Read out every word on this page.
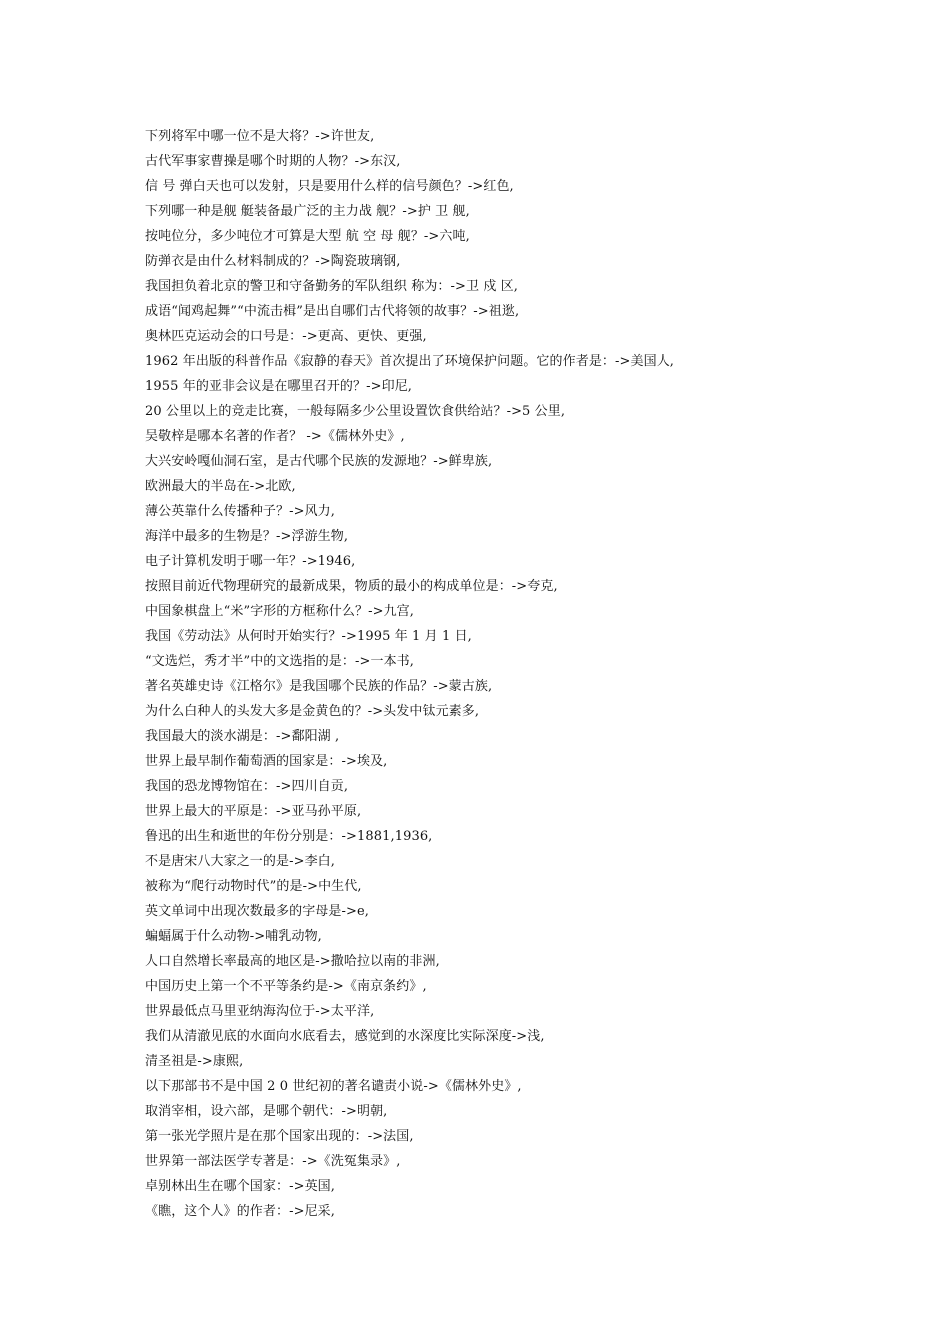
下列将军中哪一位不是大将？->许世友,
古代军事家曹操是哪个时期的人物？->东汉,
信 号 弹白天也可以发射，只是要用什么样的信号颜色？->红色,
下列哪一种是舰 艇装备最广泛的主力战 舰？->护 卫 舰,
按吨位分，多少吨位才可算是大型 航 空 母 舰？->六吨,
防弹衣是由什么材料制成的？->陶瓷玻璃钢,
我国担负着北京的警卫和守备勤务的军队组织 称为：->卫 戍 区,
成语“闻鸡起舞”“中流击楫”是出自哪们古代将领的故事？->祖逖,
奥林匹克运动会的口号是：->更高、更快、更强,
1962 年出版的科普作品《寂静的春天》首次提出了环境保护问题。它的作者是：->美国人,
1955 年的亚非会议是在哪里召开的？->印尼,
20 公里以上的竞走比赛，一般每隔多少公里设置饮食供给站？->5 公里,
吴敬梓是哪本名著的作者？ ->《儒林外史》,
大兴安岭嘎仙洞石室，是古代哪个民族的发源地？->鲜卑族,
欧洲最大的半岛在->北欧,
薄公英靠什么传播种子？->风力,
海洋中最多的生物是？->浮游生物,
电子计算机发明于哪一年？->1946,
按照目前近代物理研究的最新成果，物质的最小的构成单位是：->夸克,
中国象棋盘上“米”字形的方框称什么？->九宫,
我国《劳动法》从何时开始实行？->1995 年 1 月 1 日,
“文选烂，秀才半”中的文选指的是：->一本书,
著名英雄史诗《江格尔》是我国哪个民族的作品？->蒙古族,
为什么白种人的头发大多是金黄色的？->头发中钛元素多,
我国最大的淡水湖是：->鄱阳湖 ,
世界上最早制作葡萄酒的国家是：->埃及,
我国的恐龙博物馆在：->四川自贡,
世界上最大的平原是：->亚马孙平原,
鲁迅的出生和逝世的年份分别是：->1881,1936,
不是唐宋八大家之一的是->李白,
被称为“爬行动物时代”的是->中生代,
英文单词中出现次数最多的字母是->e,
蝙蝠属于什么动物->哺乳动物,
人口自然增长率最高的地区是->撒哈拉以南的非洲,
中国历史上第一个不平等条约是->《南京条约》,
世界最低点马里亚纳海沟位于->太平洋,
我们从清澈见底的水面向水底看去，感觉到的水深度比实际深度->浅,
清圣祖是->康熙,
以下那部书不是中国 2 0 世纪初的著名谴责小说->《儒林外史》,
取消宰相，设六部，是哪个朝代：->明朝,
第一张光学照片是在那个国家出现的：->法国,
世界第一部法医学专著是：->《洗冤集录》,
卓别林出生在哪个国家：->英国,
《瞧，这个人》的作者：->尼采,
